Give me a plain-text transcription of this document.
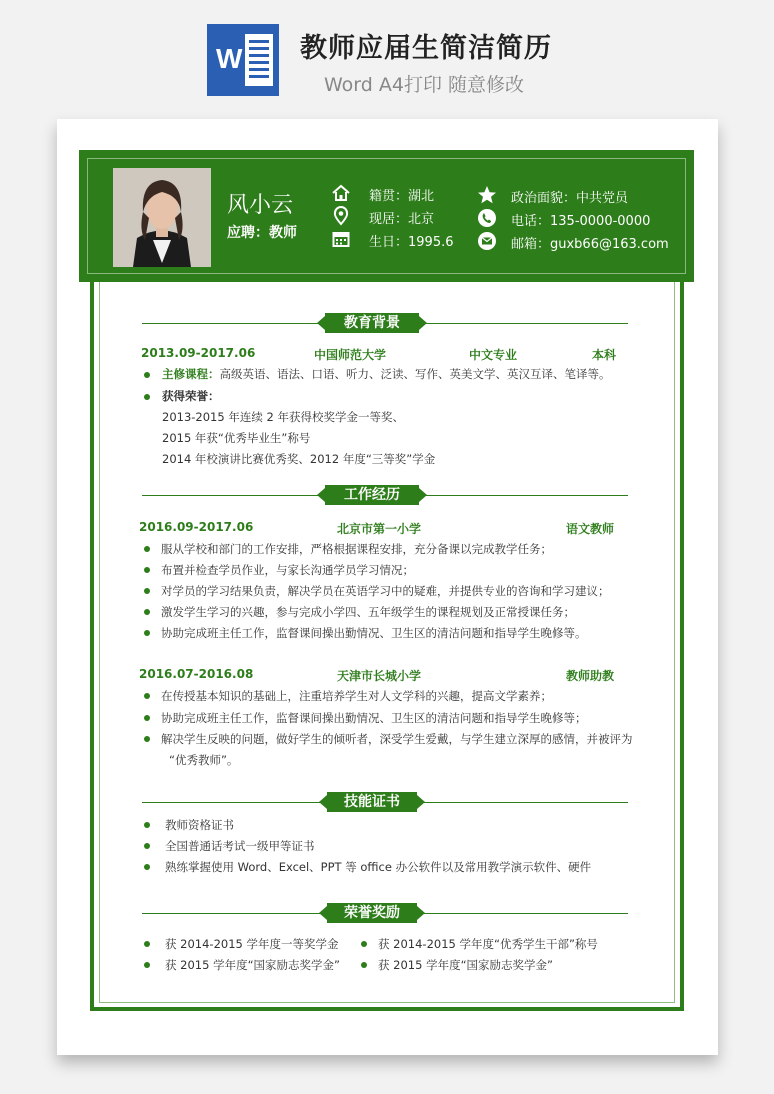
W 教师应届生简洁简历
Word A4打印 随意修改
风小云
应聘：教师
籍贯：湖北
现居：北京
生日：1995.6
政治面貌：中共党员
电话：135-0000-0000
邮箱：guxb66@163.com
教育背景
2013.09-2017.06	中国师范大学	中文专业	本科
主修课程：高级英语、语法、口语、听力、泛读、写作、英美文学、英汉互译、笔译等。
获得荣誉：
2013-2015 年连续 2 年获得校奖学金一等奖、
2015 年获“优秀毕业生”称号
2014 年校演讲比赛优秀奖、2012 年度“三等奖”学金
工作经历
2016.09-2017.06	北京市第一小学	语文教师
服从学校和部门的工作安排，严格根据课程安排，充分备课以完成教学任务；
布置并检查学员作业，与家长沟通学员学习情况；
对学员的学习结果负责，解决学员在英语学习中的疑难，并提供专业的咨询和学习建议；
激发学生学习的兴趣，参与完成小学四、五年级学生的课程规划及正常授课任务；
协助完成班主任工作，监督课间操出勤情况、卫生区的清洁问题和指导学生晚修等。
2016.07-2016.08	天津市长城小学	教师助教
在传授基本知识的基础上，注重培养学生对人文学科的兴趣，提高文学素养；
协助完成班主任工作，监督课间操出勤情况、卫生区的清洁问题和指导学生晚修等；
解决学生反映的问题，做好学生的倾听者，深受学生爱戴，与学生建立深厚的感情，并被评为
“优秀教师”。
技能证书
教师资格证书
全国普通话考试一级甲等证书
熟练掌握使用 Word、Excel、PPT 等 office 办公软件以及常用教学演示软件、硬件
荣誉奖励
获 2014-2015 学年度一等奖学金	获 2014-2015 学年度“优秀学生干部”称号
获 2015 学年度“国家励志奖学金”	获 2015 学年度“国家励志奖学金”
